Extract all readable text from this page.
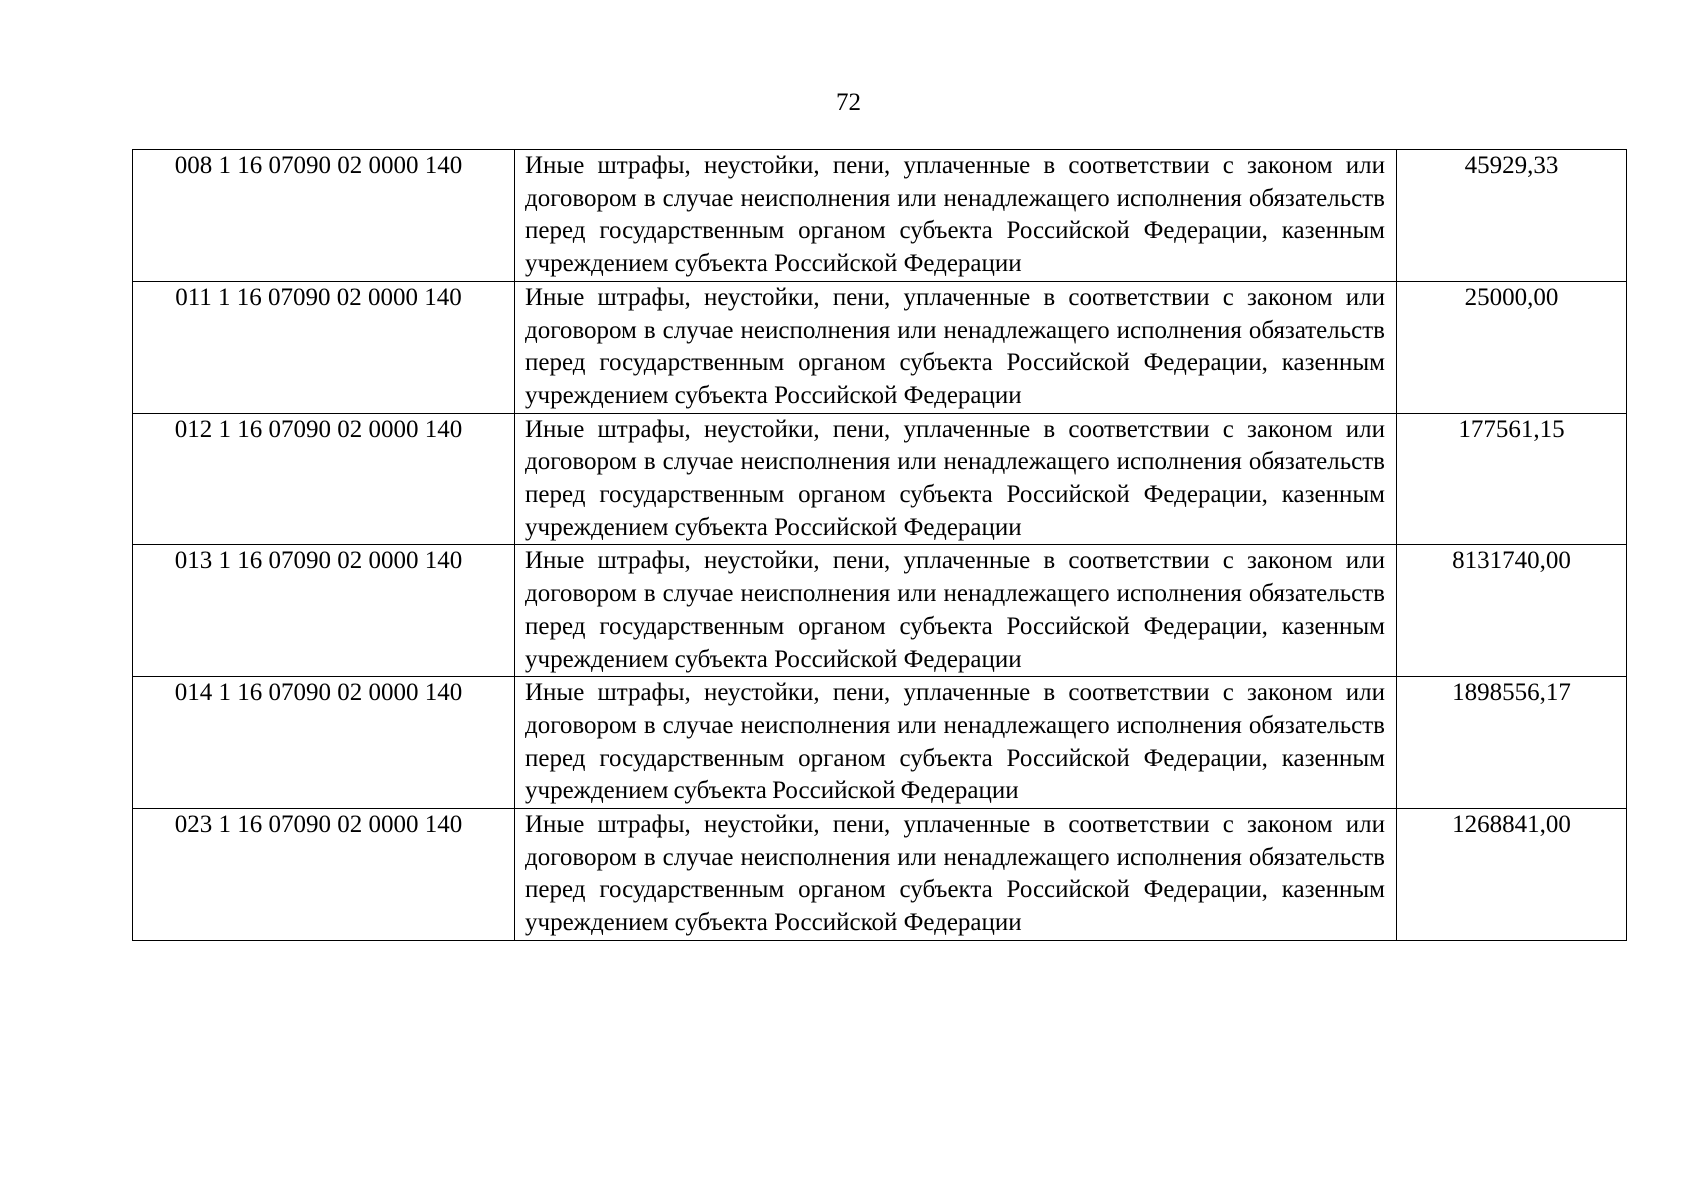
72
008 1 16 07090 02 0000 140	Иные штрафы, неустойки, пени, уплаченные в соответствии с законом или договором в случае неисполнения или ненадлежащего исполнения обязательств перед государственным органом субъекта Российской Федерации, казенным учреждением субъекта Российской Федерации	45929,33
011 1 16 07090 02 0000 140	Иные штрафы, неустойки, пени, уплаченные в соответствии с законом или договором в случае неисполнения или ненадлежащего исполнения обязательств перед государственным органом субъекта Российской Федерации, казенным учреждением субъекта Российской Федерации	25000,00
012 1 16 07090 02 0000 140	Иные штрафы, неустойки, пени, уплаченные в соответствии с законом или договором в случае неисполнения или ненадлежащего исполнения обязательств перед государственным органом субъекта Российской Федерации, казенным учреждением субъекта Российской Федерации	177561,15
013 1 16 07090 02 0000 140	Иные штрафы, неустойки, пени, уплаченные в соответствии с законом или договором в случае неисполнения или ненадлежащего исполнения обязательств перед государственным органом субъекта Российской Федерации, казенным учреждением субъекта Российской Федерации	8131740,00
014 1 16 07090 02 0000 140	Иные штрафы, неустойки, пени, уплаченные в соответствии с законом или договором в случае неисполнения или ненадлежащего исполнения обязательств перед государственным органом субъекта Российской Федерации, казенным учреждением субъекта Российской Федерации	1898556,17
023 1 16 07090 02 0000 140	Иные штрафы, неустойки, пени, уплаченные в соответствии с законом или договором в случае неисполнения или ненадлежащего исполнения обязательств перед государственным органом субъекта Российской Федерации, казенным учреждением субъекта Российской Федерации	1268841,00
